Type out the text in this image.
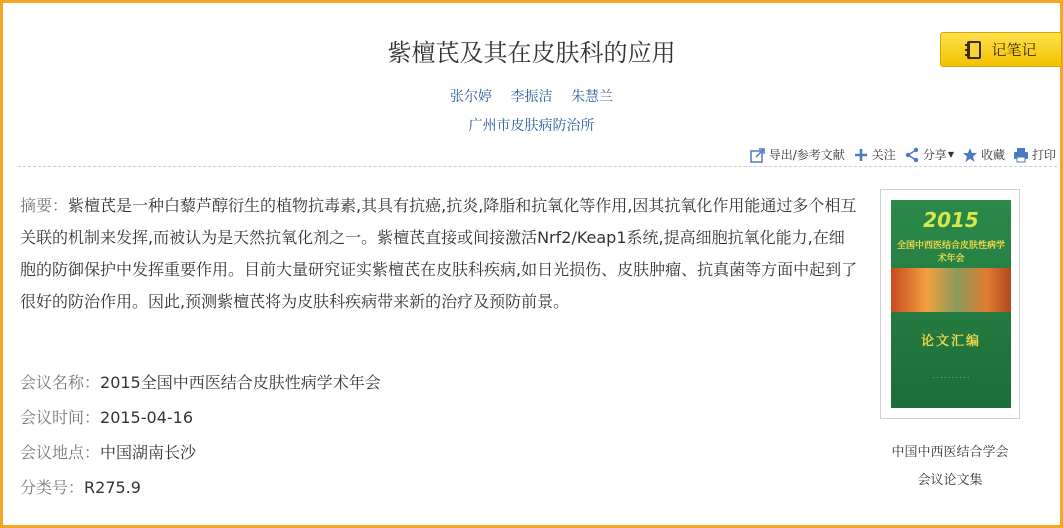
紫檀芪及其在皮肤科的应用	记笔记
张尔婷 李振洁 朱慧兰
广州市皮肤病防治所
导出/参考文献 关注 分享 ▼ 收藏 打印
摘要：紫檀芪是一种白藜芦醇衍生的植物抗毒素,其具有抗癌,抗炎,降脂和抗氧化等作用,因其抗氧化作用能通过多个相互关联的机制来发挥,而被认为是天然抗氧化剂之一。紫檀芪直接或间接激活Nrf2/Keap1系统,提高细胞抗氧化能力,在细胞的防御保护中发挥重要作用。目前大量研究证实紫檀芪在皮肤科疾病,如日光损伤、皮肤肿瘤、抗真菌等方面中起到了很好的防治作用。因此,预测紫檀芪将为皮肤科疾病带来新的治疗及预防前景。
会议名称：2015全国中西医结合皮肤性病学术年会
会议时间：2015-04-16
会议地点：中国湖南长沙
分类号：R275.9
2015
全国中西医结合皮肤性病学术年会
论文汇编
· · · · · · · · · ·
中国中西医结合学会
会议论文集
